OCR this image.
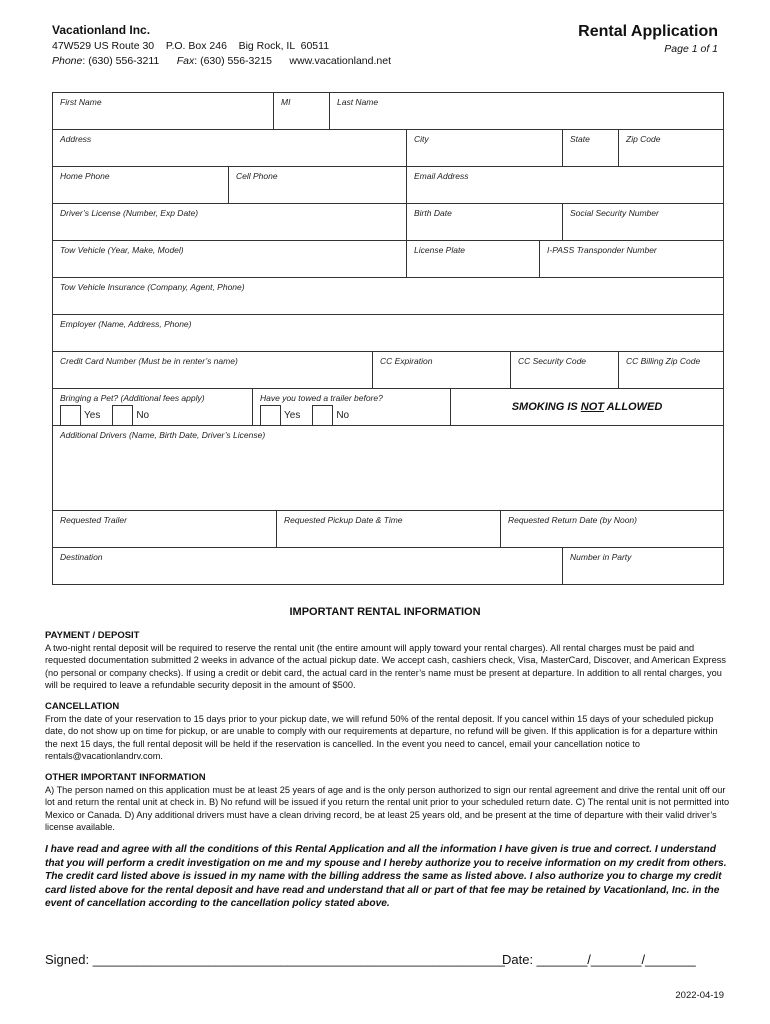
Vacationland Inc.
47W529 US Route 30    P.O. Box 246    Big Rock, IL  60511
Phone: (630) 556-3211 Fax: (630) 556-3215 www.vacationland.net
Rental Application
Page 1 of 1
First Name	MI	Last Name
Address	City	State	Zip Code
Home Phone	Cell Phone	Email Address
Driver’s License (Number, Exp Date)	Birth Date	Social Security Number
Tow Vehicle (Year, Make, Model)	License Plate	I-PASS Transponder Number
Tow Vehicle Insurance (Company, Agent, Phone)
Employer (Name, Address, Phone)
Credit Card Number (Must be in renter’s name)	CC Expiration	CC Security Code	CC Billing Zip Code
Bringing a Pet? (Additional fees apply)
Yes	No
Have you towed a trailer before?
Yes	No
SMOKING IS NOT ALLOWED
Additional Drivers (Name, Birth Date, Driver’s License)
Requested Trailer	Requested Pickup Date & Time	Requested Return Date (by Noon)
Destination	Number in Party
IMPORTANT RENTAL INFORMATION
PAYMENT / DEPOSIT

A two-night rental deposit will be required to reserve the rental unit (the entire amount will apply toward your rental charges). All rental charges must be paid and requested documentation submitted 2 weeks in advance of the actual pickup date. We accept cash, cashiers check, Visa, MasterCard, Discover, and American Express (no personal or company checks). If using a credit or debit card, the actual card in the renter’s name must be present at departure. In addition to all rental charges, you will be required to leave a refundable security deposit in the amount of $500.

CANCELLATION

From the date of your reservation to 15 days prior to your pickup date, we will refund 50% of the rental deposit. If you cancel within 15 days of your scheduled pickup date, do not show up on time for pickup, or are unable to comply with our requirements at departure, no refund will be given. If this application is for a departure within the next 15 days, the full rental deposit will be held if the reservation is cancelled. In the event you need to cancel, email your cancellation notice to rentals@vacationlandrv.com.

OTHER IMPORTANT INFORMATION

A) The person named on this application must be at least 25 years of age and is the only person authorized to sign our rental agreement and drive the rental unit off our lot and return the rental unit at check in. B) No refund will be issued if you return the rental unit prior to your scheduled return date. C) The rental unit is not permitted into Mexico or Canada. D) Any additional drivers must have a clean driving record, be at least 25 years old, and be present at the time of departure with their valid driver’s license available.

I have read and agree with all the conditions of this Rental Application and all the information I have given is true and correct. I understand that you will perform a credit investigation on me and my spouse and I hereby authorize you to receive information on my credit from others. The credit card listed above is issued in my name with the billing address the same as listed above. I also authorize you to charge my credit card listed above for the rental deposit and have read and understand that all or part of that fee may be retained by Vacationland, Inc. in the event of cancellation according to the cancellation policy stated above.
Signed: _________________________________________________________
Date: _______/_______/_______
2022-04-19
